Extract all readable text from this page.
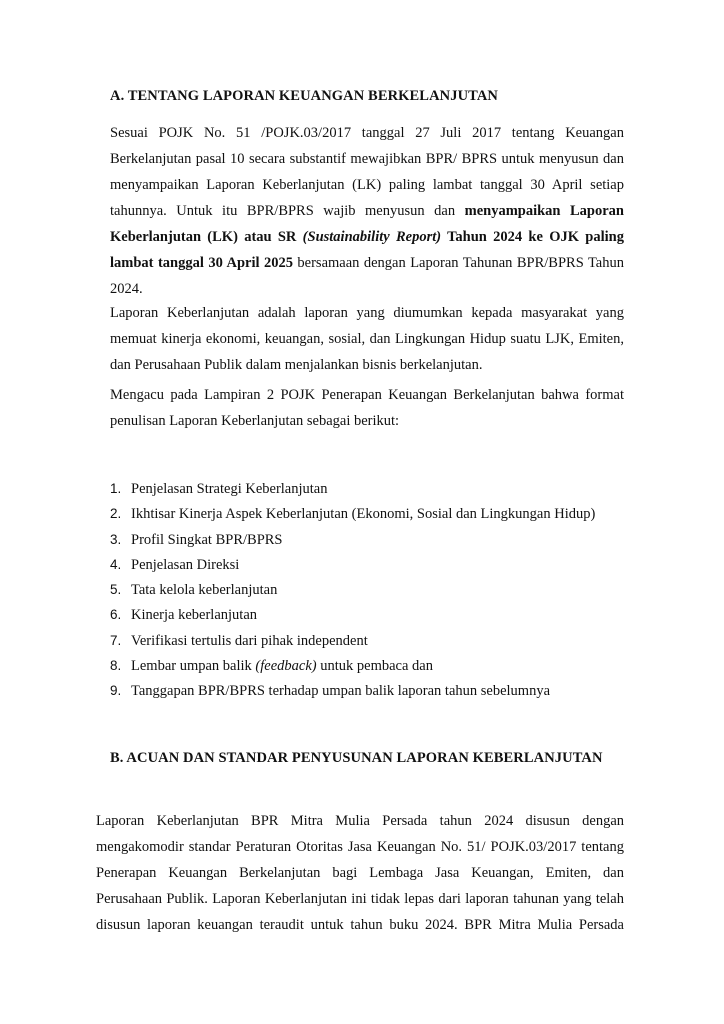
A. TENTANG LAPORAN KEUANGAN BERKELANJUTAN
Sesuai POJK No. 51 /POJK.03/2017 tanggal 27 Juli 2017 tentang Keuangan
Berkelanjutan pasal 10 secara substantif mewajibkan BPR/ BPRS untuk menyusun dan
menyampaikan Laporan Keberlanjutan (LK) paling lambat tanggal 30 April setiap
tahunnya. Untuk itu BPR/BPRS wajib menyusun dan menyampaikan Laporan
Keberlanjutan (LK) atau SR (Sustainability Report) Tahun 2024 ke OJK paling
lambat tanggal 30 April 2025 bersamaan dengan Laporan Tahunan BPR/BPRS Tahun
2024.
Laporan Keberlanjutan adalah laporan yang diumumkan kepada masyarakat yang
memuat kinerja ekonomi, keuangan, sosial, dan Lingkungan Hidup suatu LJK, Emiten,
dan Perusahaan Publik dalam menjalankan bisnis berkelanjutan.
Mengacu pada Lampiran 2 POJK Penerapan Keuangan Berkelanjutan bahwa format
penulisan Laporan Keberlanjutan sebagai berikut:
1. Penjelasan Strategi Keberlanjutan
2. Ikhtisar Kinerja Aspek Keberlanjutan (Ekonomi, Sosial dan Lingkungan Hidup)
3. Profil Singkat BPR/BPRS
4. Penjelasan Direksi
5. Tata kelola keberlanjutan
6. Kinerja keberlanjutan
7. Verifikasi tertulis dari pihak independent
8. Lembar umpan balik (feedback) untuk pembaca dan
9. Tanggapan BPR/BPRS terhadap umpan balik laporan tahun sebelumnya
B. ACUAN DAN STANDAR PENYUSUNAN LAPORAN KEBERLANJUTAN
Laporan Keberlanjutan BPR Mitra Mulia Persada tahun 2024 disusun dengan
mengakomodir standar Peraturan Otoritas Jasa Keuangan No. 51/ POJK.03/2017 tentang
Penerapan Keuangan Berkelanjutan bagi Lembaga Jasa Keuangan, Emiten, dan
Perusahaan Publik. Laporan Keberlanjutan ini tidak lepas dari laporan tahunan yang telah
disusun laporan keuangan teraudit untuk tahun buku 2024. BPR Mitra Mulia Persada
